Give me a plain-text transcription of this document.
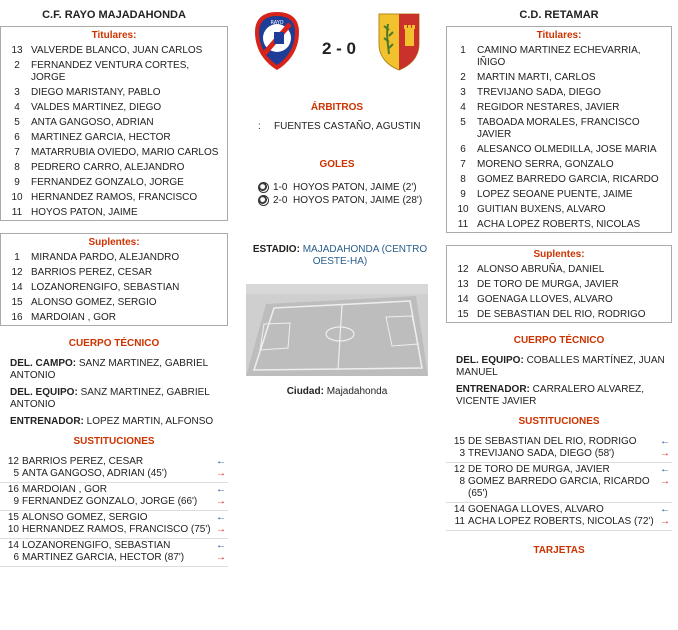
C.F. RAYO MAJADAHONDA
Titulares:
13 VALVERDE BLANCO, JUAN CARLOS
2	FERNANDEZ VENTURA CORTES, JORGE
3	DIEGO MARISTANY, PABLO
4	VALDES MARTINEZ, DIEGO
5	ANTA GANGOSO, ADRIAN
6	MARTINEZ GARCIA, HECTOR
7	MATARRUBIA OVIEDO, MARIO CARLOS
8	PEDRERO CARRO, ALEJANDRO
9	FERNANDEZ GONZALO, JORGE
10 HERNANDEZ RAMOS, FRANCISCO
11 HOYOS PATON, JAIME
Suplentes:
1	MIRANDA PARDO, ALEJANDRO
12 BARRIOS PEREZ, CESAR
14 LOZANORENGIFO, SEBASTIAN
15 ALONSO GOMEZ, SERGIO
16 MARDOIAN , GOR
CUERPO TÉCNICO
DEL. CAMPO: SANZ MARTINEZ, GABRIEL ANTONIO
DEL. EQUIPO: SANZ MARTINEZ, GABRIEL ANTONIO
ENTRENADOR: LOPEZ MARTIN, ALFONSO
SUSTITUCIONES
12 BARRIOS PEREZ, CESAR	←
5 ANTA GANGOSO, ADRIAN (45')	→
16 MARDOIAN , GOR	←
9 FERNANDEZ GONZALO, JORGE (66')	→
15 ALONSO GOMEZ, SERGIO	←
10 HERNANDEZ RAMOS, FRANCISCO (75') →
14 LOZANORENGIFO, SEBASTIAN	←
6 MARTINEZ GARCIA, HECTOR (87')	→
RAYO
2 - 0
ÁRBITROS
:	FUENTES CASTAÑO, AGUSTIN
GOLES
1-0  HOYOS PATON, JAIME (2')
2-0  HOYOS PATON, JAIME (28')
ESTADIO: MAJADAHONDA (CENTRO OESTE-HA)
Ciudad: Majadahonda
C.D. RETAMAR
Titulares:
1	CAMINO MARTINEZ ECHEVARRIA, IÑIGO
2	MARTIN MARTI, CARLOS
3	TREVIJANO SADA, DIEGO
4	REGIDOR NESTARES, JAVIER
5	TABOADA MORALES, FRANCISCO JAVIER
6	ALESANCO OLMEDILLA, JOSE MARIA
7	MORENO SERRA, GONZALO
8	GOMEZ BARREDO GARCIA, RICARDO
9	LOPEZ SEOANE PUENTE, JAIME
10 GUITIAN BUXENS, ALVARO
11 ACHA LOPEZ ROBERTS, NICOLAS
Suplentes:
12 ALONSO ABRUÑA, DANIEL
13 DE TORO DE MURGA, JAVIER
14 GOENAGA LLOVES, ALVARO
15 DE SEBASTIAN DEL RIO, RODRIGO
CUERPO TÉCNICO
DEL. EQUIPO: COBALLES MARTÍNEZ, JUAN MANUEL
ENTRENADOR: CARRALERO ALVAREZ, VICENTE JAVIER
SUSTITUCIONES
15 DE SEBASTIAN DEL RIO, RODRIGO	←
3 TREVIJANO SADA, DIEGO (58')	→
12 DE TORO DE MURGA, JAVIER	←
8 GOMEZ BARREDO GARCIA, RICARDO (65')
→
14 GOENAGA LLOVES, ALVARO	←
11 ACHA LOPEZ ROBERTS, NICOLAS (72') →
TARJETAS
